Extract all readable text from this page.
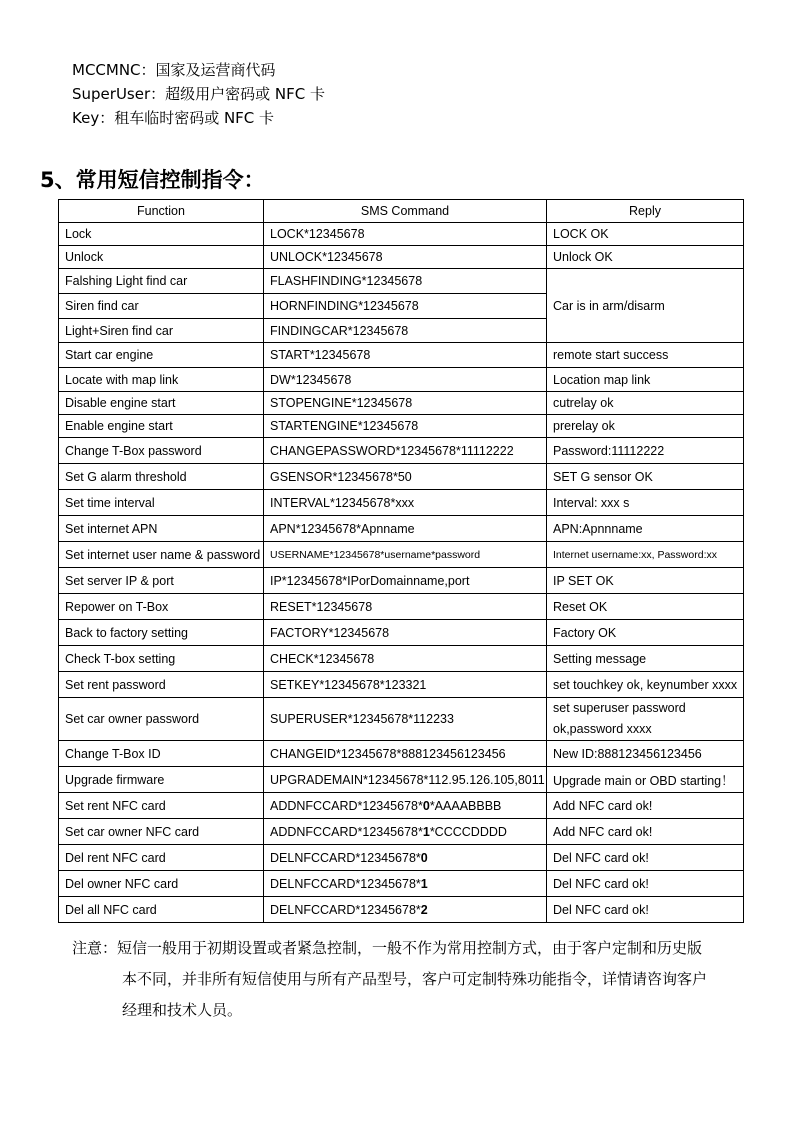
MCCMNC：国家及运营商代码
SuperUser：超级用户密码或 NFC 卡
Key：租车临时密码或 NFC 卡
5、常用短信控制指令：
Function	SMS Command	Reply
Lock	LOCK*12345678	LOCK OK
Unlock	UNLOCK*12345678	Unlock OK
Falshing Light find car	FLASHFINDING*12345678	Car is in arm/disarm
Siren find car	HORNFINDING*12345678	
Light+Siren find car	FINDINGCAR*12345678	
Start car engine	START*12345678	remote start success
Locate with map link	DW*12345678	Location map link
Disable engine start	STOPENGINE*12345678	cutrelay ok
Enable engine start	STARTENGINE*12345678	prerelay ok
Change T-Box password	CHANGEPASSWORD*12345678*11112222	Password:11112222
Set G alarm threshold	GSENSOR*12345678*50	SET G sensor OK
Set time interval	INTERVAL*12345678*xxx	Interval: xxx s
Set internet APN	APN*12345678*Apnname	APN:Apnnname
Set internet user name & password	USERNAME*12345678*username*password	Internet username:xx, Password:xx
Set server IP & port	IP*12345678*IPorDomainname,port	IP SET OK
Repower on T-Box	RESET*12345678	Reset OK
Back to factory setting	FACTORY*12345678	Factory OK
Check T-box setting	CHECK*12345678	Setting message
Set rent password	SETKEY*12345678*123321	set touchkey ok, keynumber xxxx
Set car owner password	SUPERUSER*12345678*112233	set superuser password
ok,password xxxx
Change T-Box ID	CHANGEID*12345678*888123456123456	New ID:888123456123456
Upgrade firmware	UPGRADEMAIN*12345678*112.95.126.105,8011	Upgrade main or OBD starting！
Set rent NFC card	ADDNFCCARD*12345678*0*AAAABBBB	Add NFC card ok!
Set car owner NFC card	ADDNFCCARD*12345678*1*CCCCDDDD	Add NFC card ok!
Del rent NFC card	DELNFCCARD*12345678*0	Del NFC card ok!
Del owner NFC card	DELNFCCARD*12345678*1	Del NFC card ok!
Del all NFC card	DELNFCCARD*12345678*2	Del NFC card ok!
注意：短信一般用于初期设置或者紧急控制，一般不作为常用控制方式，由于客户定制和历史版
本不同，并非所有短信使用与所有产品型号，客户可定制特殊功能指令，详情请咨询客户
经理和技术人员。
